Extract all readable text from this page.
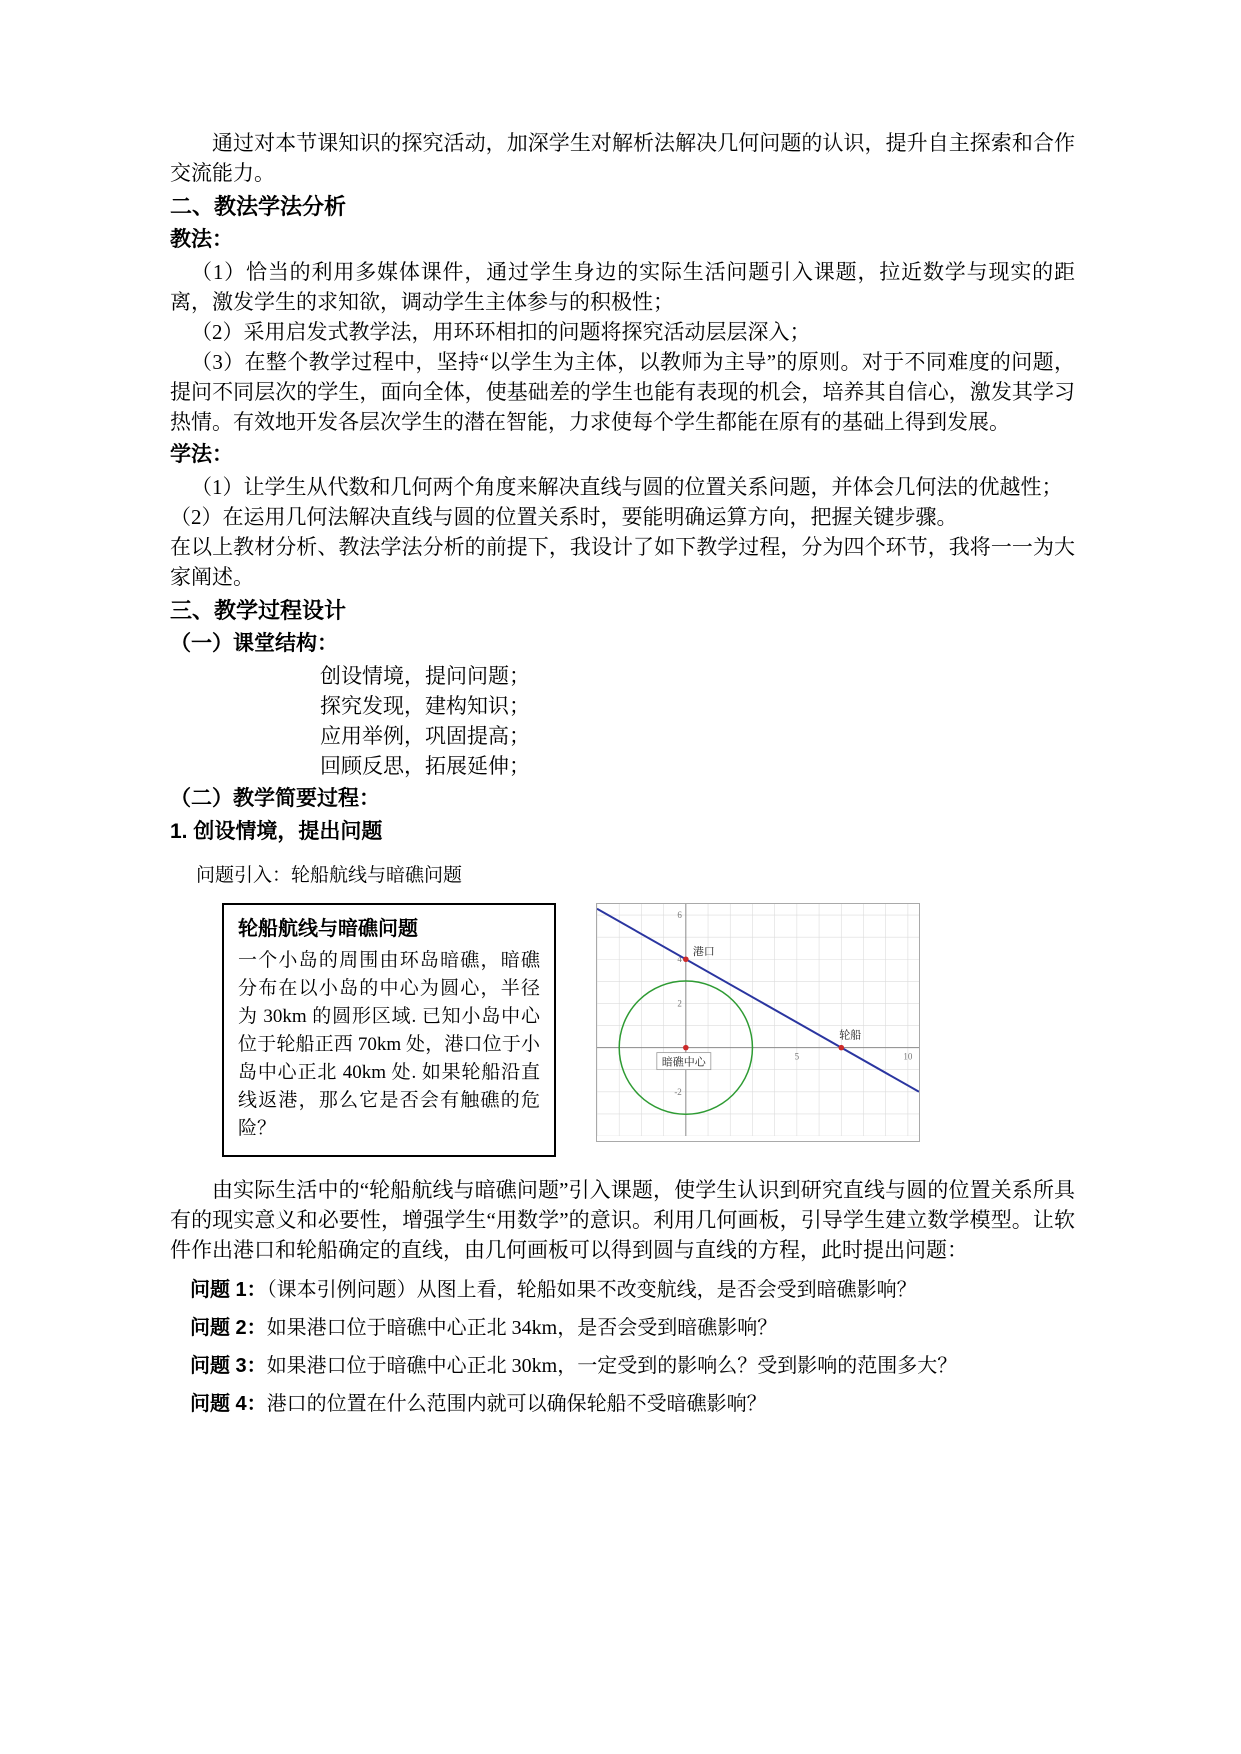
通过对本节课知识的探究活动，加深学生对解析法解决几何问题的认识，提升自主探索和合作交流能力。

二、教法学法分析

教法：

（1）恰当的利用多媒体课件，通过学生身边的实际生活问题引入课题，拉近数学与现实的距离，激发学生的求知欲，调动学生主体参与的积极性；

（2）采用启发式教学法，用环环相扣的问题将探究活动层层深入；

（3）在整个教学过程中，坚持“以学生为主体，以教师为主导”的原则。对于不同难度的问题，提问不同层次的学生，面向全体，使基础差的学生也能有表现的机会，培养其自信心，激发其学习热情。有效地开发各层次学生的潜在智能，力求使每个学生都能在原有的基础上得到发展。

学法：

（1）让学生从代数和几何两个角度来解决直线与圆的位置关系问题，并体会几何法的优越性；

（2）在运用几何法解决直线与圆的位置关系时，要能明确运算方向，把握关键步骤。

在以上教材分析、教法学法分析的前提下，我设计了如下教学过程，分为四个环节，我将一一为大家阐述。

三、教学过程设计

（一）课堂结构：

创设情境，提问问题；

探究发现，建构知识；

应用举例，巩固提高；

回顾反思，拓展延伸；

（二）教学简要过程：

1. 创设情境，提出问题

问题引入：轮船航线与暗礁问题

轮船航线与暗礁问题
一个小岛的周围由环岛暗礁，暗礁分布在以小岛的中心为圆心，半径为 30km 的圆形区域. 已知小岛中心位于轮船正西 70km 处，港口位于小岛中心正北 40km 处. 如果轮船沿直线返港，那么它是否会有触礁的危险？
5	10
-2
2
4
6
港口
暗礁中心
轮船

由实际生活中的“轮船航线与暗礁问题”引入课题，使学生认识到研究直线与圆的位置关系所具有的现实意义和必要性，增强学生“用数学”的意识。利用几何画板，引导学生建立数学模型。让软件作出港口和轮船确定的直线，由几何画板可以得到圆与直线的方程，此时提出问题：

问题 1：（课本引例问题）从图上看，轮船如果不改变航线，是否会受到暗礁影响？

问题 2：如果港口位于暗礁中心正北 34km，是否会受到暗礁影响？

问题 3：如果港口位于暗礁中心正北 30km，一定受到的影响么？受到影响的范围多大？

问题 4：港口的位置在什么范围内就可以确保轮船不受暗礁影响？
